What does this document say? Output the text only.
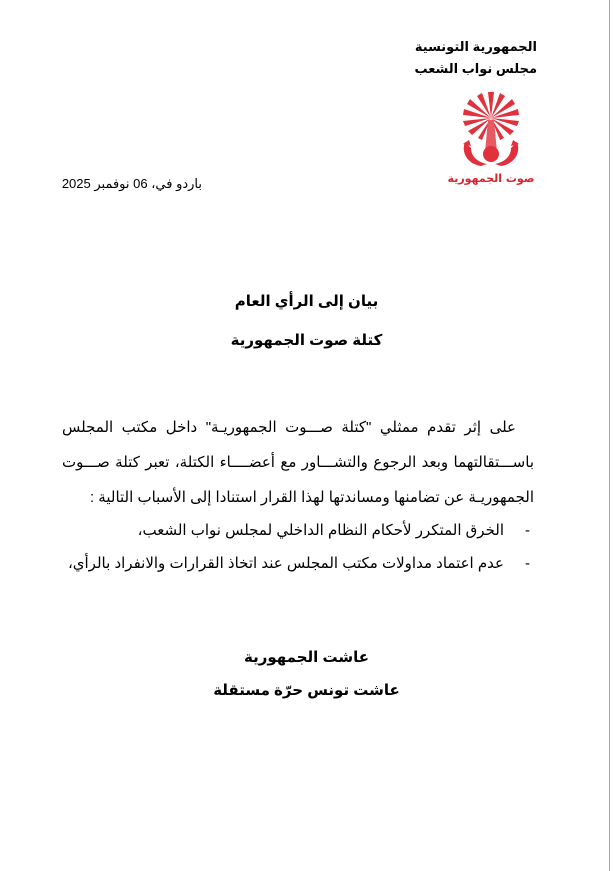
الجمهورية التونسية
مجلس نواب الشعب
صوت الجمهورية
باردو في، 06 نوفمبر 2025
بيان إلى الرأي العام
كتلة صوت الجمهورية
على إثر تقدم ممثلي "كتلة صـــوت الجمهوريـة" داخل مكتب المجلس باســـتقالتهما وبعد الرجوع والتشـــاور مع أعضــــاء الكتلة، تعبر كتلة صـــوت الجمهوريـة عن تضامنها ومساندتها لهذا القرار استنادا إلى الأسباب التالية :
-
الخرق المتكرر لأحكام النظام الداخلي لمجلس نواب الشعب،
-
عدم اعتماد مداولات مكتب المجلس عند اتخاذ القرارات والانفراد بالرأي،
عاشت الجمهورية
عاشت تونس حرّة مستقلة
